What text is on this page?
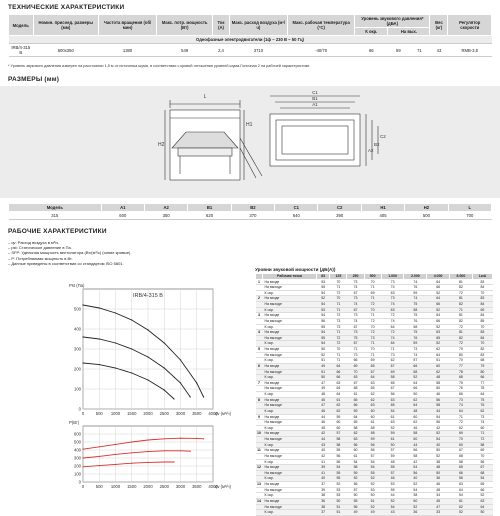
ТЕХНИЧЕСКИЕ ХАРАКТЕРИСТИКИ
Модель	Номин. присоед. размеры (мм)	Частота вращения (об/мин)	Макс. потр. мощность (Вт)	Ток (А)	Макс. расход воздуха (м³/ч)	Макс. рабочая температура (°C)	Уровень звукового давления* (дБА)			Вес (кг)	Регулятор скорости
							К окр.	На вых.			
Однофазные электродвигатели (1ф ~ 230 В ~ 50 Гц)											
IRB/4-315 B	600x350	1380	549	2,4	3710	-40/70	66	59	71	43	RMB-3,5
* Уровень звукового давления измерен на расстоянии 1,5 м от источника шума, в соответствии с кривой отношения уровней шума-Гоночная 2 на рабочей характеристике.
РАЗМЕРЫ (мм)
L
H2
H1
C1
B1
A1
C2
B2
A2
Модель	А1	А2	В1	В2	С1	С2	Н1	Н2	L
315	600	350	620	370	640	390	405	500	700
РАБОЧИЕ ХАРАКТЕРИСТИКИ
– qv: Расход воздуха в м³/ч.
– pst: Статическое давление в Па.
– SFP: Удельная мощность вентилятора (Вт/(м³/с) (синие кривые).
– P: Потребляемая мощность в Вт.
– Данные приведены в соответствии со стандартом ISO 5801.
0	500 1000 1500 2000 2500 3000 3500 4000
0
100
200
300
400
500
Pst (Па)
qv (м³/ч)
IRB/4-315 B
0	500 1000 1500 2000 2500 3000 3500 4000
0
100
200
300
400
500
600
P(Вт)
qv (м³/ч)
Уровни звуковой мощности (дБ(А))
	Рабочая точка	63	125	250	500	1.000	2.000	4.000	8.000	LwA
1	На входе	53	70	73	70	73	74	64	81	83
	На выходе	55	71	74	71	74	76	66	82	84
	К окр.	54	72	67	69	63	59	52	72	70
2	На входе	52	70	73	71	73	74	64	81	83
	На выходе	54	71	74	72	74	75	66	82	84
	К окр.	53	71	67	70	63	58	52	71	69
3	На входе	54	72	73	71	72	75	64	81	84
	На выходе	56	73	74	72	74	76	66	82	85
	К окр.	55	73	67	70	64	58	52	72	70
4	На входе	54	71	73	72	72	75	63	81	83
	На выходе	55	72	75	73	74	76	65	82	84
	К окр.	54	72	67	71	64	59	52	72	70
5	На входе	50	70	71	70	71	73	62	79	82
	На выходе	52	71	73	71	73	74	64	80	83
	К окр.	51	71	66	69	62	57	51	70	68
6	На входе	49	64	69	65	67	66	60	77	79
	На выходе	51	66	70	67	69	68	62	78	80
	К окр.	50	66	63	64	58	52	48	68	66
7	На входе	47	63	67	63	65	64	58	75	77
	На выходе	49	64	68	65	67	66	60	76	78
	К окр.	48	64	61	62	56	50	46	66	64
8	На входе	45	61	65	62	63	62	56	73	75
	На выходе	47	62	66	63	65	64	58	74	76
	К окр.	46	62	59	60	54	48	44	64	62
9	На входе	44	59	64	60	61	60	54	71	73
	На выходе	46	60	65	61	63	62	56	72	74
	К окр.	45	60	58	58	52	46	42	62	60
10	На входе	42	57	62	58	59	58	52	69	71
	На выходе	44	58	63	59	61	60	54	70	72
	К окр.	43	58	56	56	50	44	40	60	58
11	На входе	40	55	60	56	57	56	50	67	69
	На выходе	42	56	61	57	59	58	52	68	70
	К окр.	41	56	54	54	48	42	38	58	56
12	На входе	39	54	58	54	55	54	48	65	67
	На выходе	41	55	59	55	57	56	50	66	68
	К окр.	40	55	52	52	46	40	36	56	54
13	На входе	37	52	56	52	53	52	46	63	65
	На выходе	39	53	57	53	55	54	48	64	66
	К окр.	38	53	50	50	44	38	34	54	52
14	На входе	36	50	55	51	52	50	45	61	63
	На выходе	38	51	56	52	54	52	47	62	64
	К окр.	37	51	49	49	43	36	33	52	50
